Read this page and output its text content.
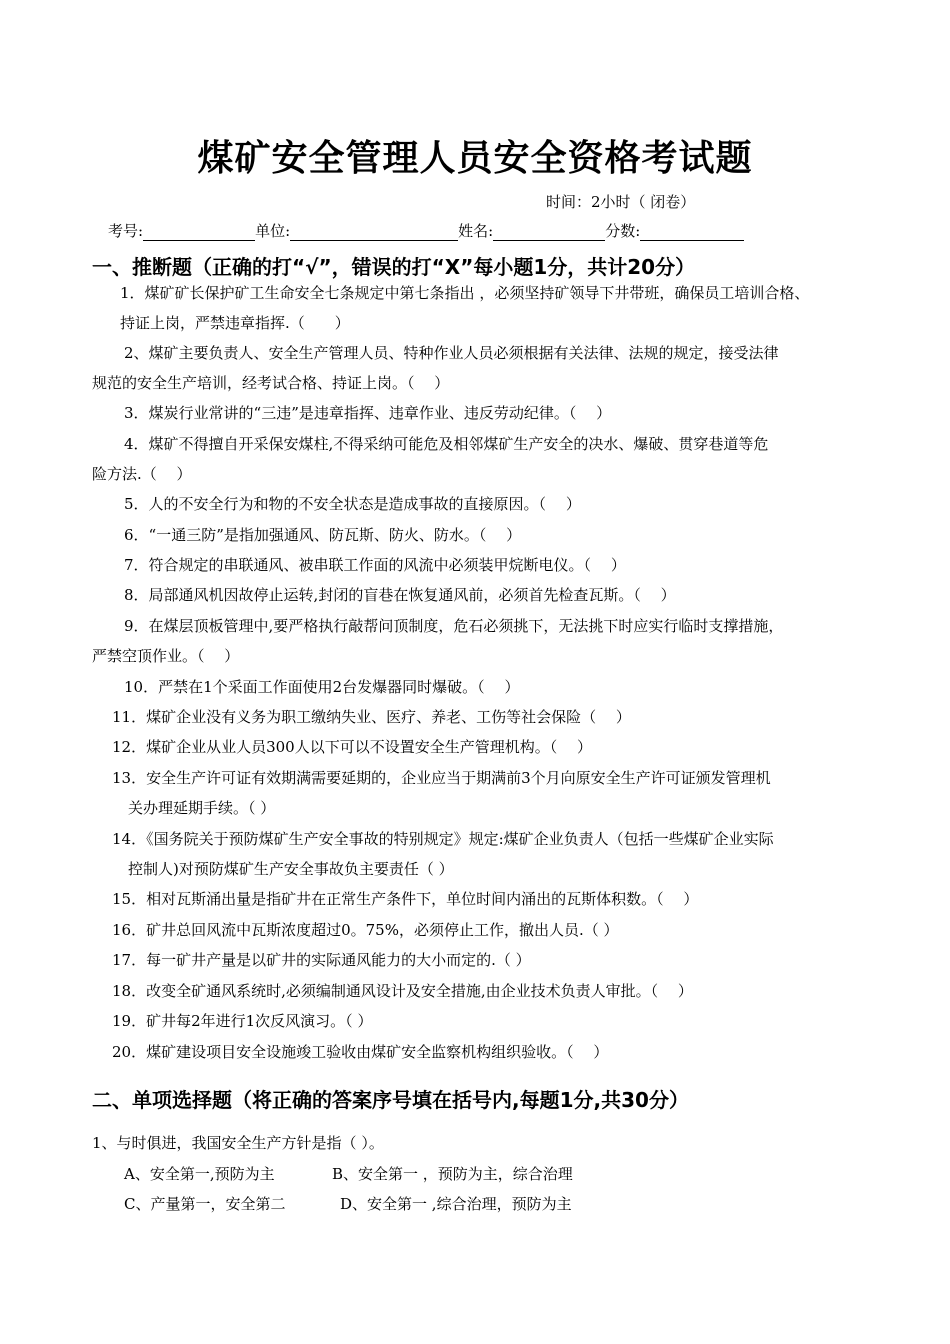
煤矿安全管理人员安全资格考试题
时间：2小时（ 闭卷）
考号:	单位:	姓名:	分数:
一、推断题（正确的打“√”，错误的打“X”每小题1分，共计20分）
1．煤矿矿长保护矿工生命安全七条规定中第七条指出 ，必须坚持矿领导下井带班，确保员工培训合格、
持证上岗，严禁违章指挥.（　　）
2、煤矿主要负责人、安全生产管理人员、特种作业人员必须根据有关法律、法规的规定，接受法律
规范的安全生产培训，经考试合格、持证上岗。（　 ）
3．煤炭行业常讲的“三违”是违章指挥、违章作业、违反劳动纪律。（　 ）
4．煤矿不得擅自开采保安煤柱,不得采纳可能危及相邻煤矿生产安全的决水、爆破、贯穿巷道等危
险方法.（　 ）
5．人的不安全行为和物的不安全状态是造成事故的直接原因。（　 ）
6．“一通三防”是指加强通风、防瓦斯、防火、防水。（　 ）
7．符合规定的串联通风、被串联工作面的风流中必须装甲烷断电仪。（　 ）
8．局部通风机因故停止运转,封闭的盲巷在恢复通风前，必须首先检查瓦斯。（　 ）
9．在煤层顶板管理中,要严格执行敲帮问顶制度，危石必须挑下，无法挑下时应实行临时支撑措施，
严禁空顶作业。（　 ）
10．严禁在1个采面工作面使用2台发爆器同时爆破。（　 ）
11．煤矿企业没有义务为职工缴纳失业、医疗、养老、工伤等社会保险（　 ）
12．煤矿企业从业人员300人以下可以不设置安全生产管理机构。（　 ）
13．安全生产许可证有效期满需要延期的，企业应当于期满前3个月向原安全生产许可证颁发管理机
关办理延期手续。（ ）
14．《国务院关于预防煤矿生产安全事故的特别规定》规定:煤矿企业负责人（包括一些煤矿企业实际
控制人)对预防煤矿生产安全事故负主要责任（ ）
15．相对瓦斯涌出量是指矿井在正常生产条件下，单位时间内涌出的瓦斯体积数。（　 ）
16．矿井总回风流中瓦斯浓度超过0。75%，必须停止工作，撤出人员.（ ）
17．每一矿井产量是以矿井的实际通风能力的大小而定的.（ ）
18．改变全矿通风系统时,必须编制通风设计及安全措施,由企业技术负责人审批。（　 ）
19．矿井每2年进行1次反风演习。（ ）
20．煤矿建设项目安全设施竣工验收由煤矿安全监察机构组织验收。（　 ）
二、单项选择题（将正确的答案序号填在括号内,每题1分,共30分）
1、与时俱进，我国安全生产方针是指（ ）。
A、安全第一,预防为主	B、安全第一 ，预防为主，综合治理
C、产量第一，安全第二	D、安全第一 ,综合治理，预防为主
